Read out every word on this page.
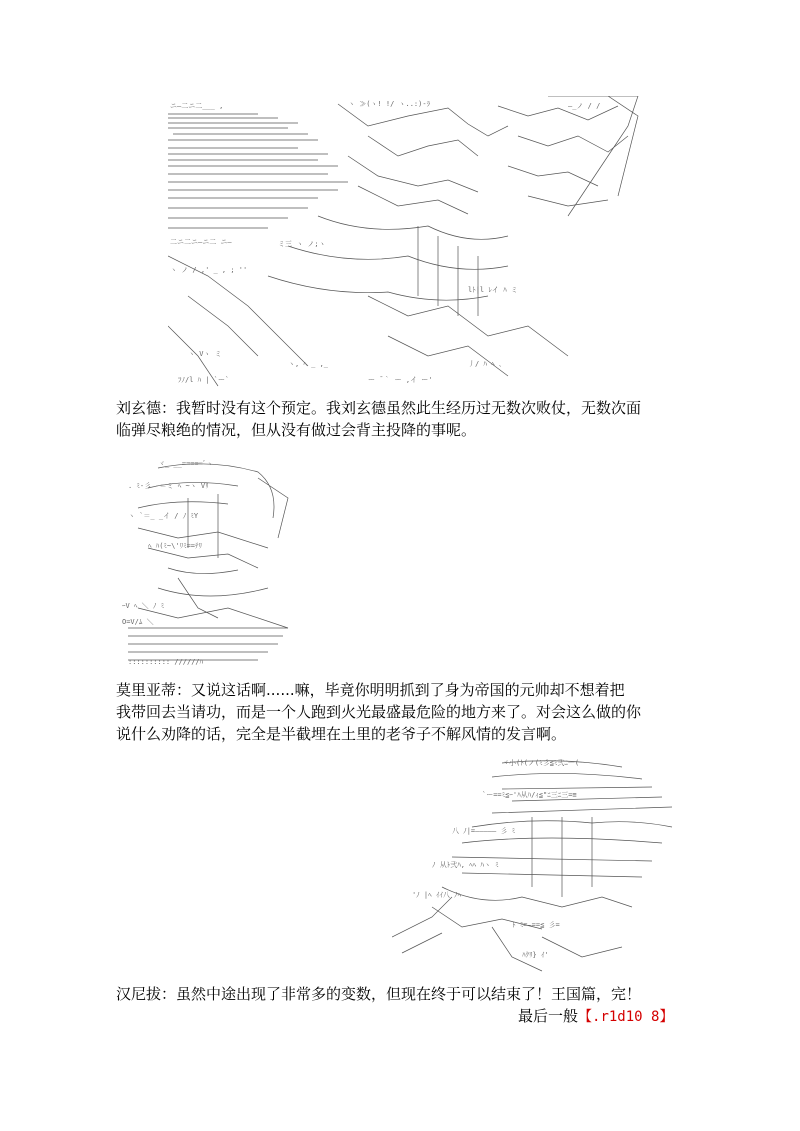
ニ―二ニ二___ ,	ヽ ≫(ヽ! !/ ヽ..:)-ﾗ	―_ノ / /
二ニ二ニ―ニ二 ニ―
ヽ ノ / ,' _ , ; ''
ミ三 ヽ ノ;ヽ
lﾄ|l ﾚイ ﾊ ミ
ヽ Vヽ ミ
ヽ, ﾍ _ ,_	丿/ ﾊ ﾍ ､
ﾌﾉ/l ﾊ | `ー`	ー ̄ ｀ ー ,イ ー'
刘玄德：我暂时没有这个预定。我刘玄德虽然此生经历过无数次败仗，无数次面
临弹尽粮绝的情况，但从没有做过会背主投降的事呢。
ヾ_ __=====ﾞヽ
. ﾐ-彡 -＝ミ ﾍ ~ヽ Vﾘ
ヽ `＝_ _イ / ﾉ ﾐY
ﾍ ﾊ(ﾐ~\'ﾘﾐ==ﾃﾘ
ｰV ﾍ ＼ ﾉ ﾐ
O=V/ﾑ ＼
:::::::::: //////ﾊ
莫里亚蒂：又说这话啊......嘛，毕竟你明明抓到了身为帝国的元帅却不想着把
我带回去当请功，而是一个人跑到火光最盛最危险的地方来了。对会这么做的你
说什么劝降的话，完全是半截埋在土里的老爷子不解风情的发言啊。
ヾ小(ﾄ(ノ(ﾐ彡≦ﾐ弐ﾆ一(
`ー==ﾐ≦ｰ'ﾊ从ﾊ/ｨ≦"ﾆ三ﾆ三=≡
八 ﾉ|=――――― 彡 ﾐ
ﾉ 从ﾄ弐ﾊ, ﾍﾍ ﾊヽ ﾐ
'ﾉ |ﾍ ｲｲ八 ﾉﾍ
ﾄ ﾐ=―==≦ 彡=
ﾊｸﾘ} ｲ'
汉尼拔：虽然中途出现了非常多的变数，但现在终于可以结束了！王国篇，完！
最后一般【.r1d10 8】
